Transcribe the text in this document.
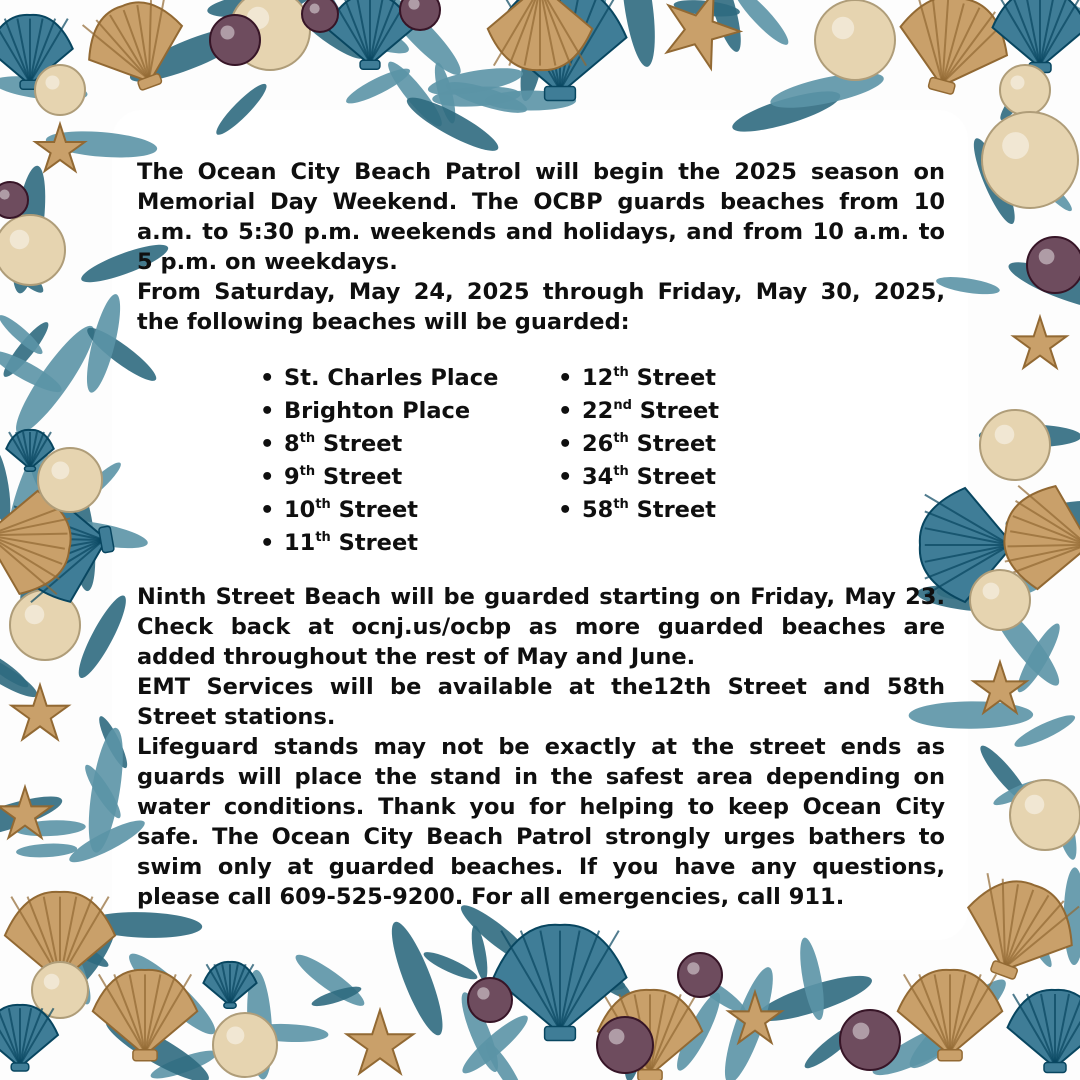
The Ocean City Beach Patrol will begin the 2025 season on Memorial Day Weekend. The OCBP guards beaches from 10 a.m. to 5:30 p.m. weekends and holidays, and from 10 a.m. to 5 p.m. on weekdays.

From Saturday, May 24, 2025 through Friday, May 30, 2025, the following beaches will be guarded:

• St. Charles Place
• Brighton Place
• 8th Street
• 9th Street
• 10th Street
• 11th Street
• 12th Street
• 22nd Street
• 26th Street
• 34th Street
• 58th Street

Ninth Street Beach will be guarded starting on Friday, May 23. Check back at ocnj.us/ocbp as more guarded beaches are added throughout the rest of May and June.

EMT Services will be available at the12th Street and 58th Street stations.

Lifeguard stands may not be exactly at the street ends as guards will place the stand in the safest area depending on water conditions. Thank you for helping to keep Ocean City safe. The Ocean City Beach Patrol strongly urges bathers to swim only at guarded beaches. If you have any questions, please call 609-525-9200. For all emergencies, call 911.
